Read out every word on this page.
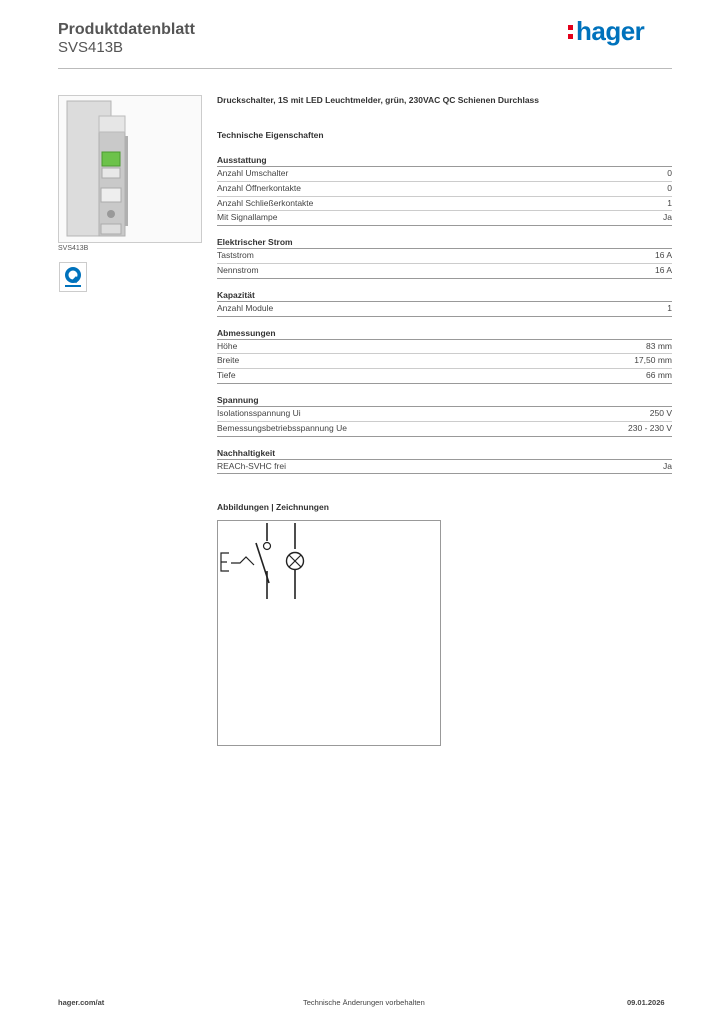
Produktdatenblatt
SVS413B
hager
SVS413B

Druckschalter, 1S mit LED Leuchtmelder, grün, 230VAC QC Schienen Durchlass

Technische Eigenschaften
Ausstattung
Anzahl Umschalter	0
Anzahl Öffnerkontakte	0
Anzahl Schließerkontakte	1
Mit Signallampe	Ja
Elektrischer Strom
Taststrom	16 A
Nennstrom	16 A
Kapazität
Anzahl Module	1
Abmessungen
Höhe	83 mm
Breite	17,50 mm
Tiefe	66 mm
Spannung
Isolationsspannung Ui	250 V
Bemessungsbetriebsspannung Ue	230 - 230 V
Nachhaltigkeit
REACh-SVHC frei	Ja
Abbildungen | Zeichnungen
hager.com/at	Technische Änderungen vorbehalten	09.01.2026
